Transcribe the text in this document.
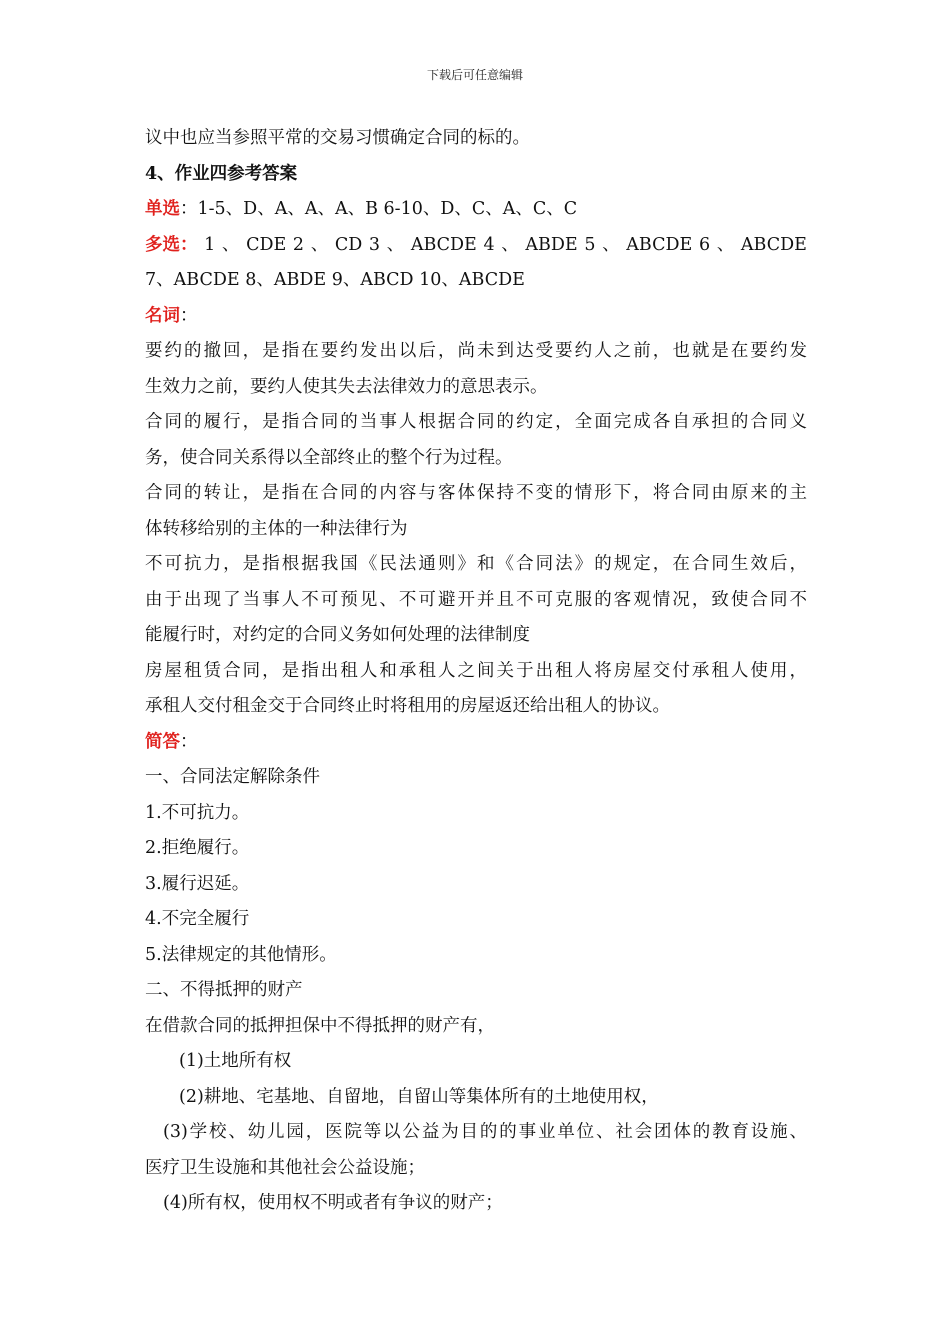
下载后可任意编辑

议中也应当参照平常的交易习惯确定合同的标的。

4、作业四参考答案

单选：1-5、D、A、A、A、B 6-10、D、C、A、C、C

多选： 1 、 CDE 2 、 CD 3 、 ABCDE 4 、 ABDE 5 、 ABCDE 6 、 ABCDE

7、ABCDE 8、ABDE 9、ABCD 10、ABCDE

名词：

要约的撤回，是指在要约发出以后，尚未到达受要约人之前，也就是在要约发

生效力之前，要约人使其失去法律效力的意思表示。

合同的履行，是指合同的当事人根据合同的约定，全面完成各自承担的合同义

务，使合同关系得以全部终止的整个行为过程。

合同的转让，是指在合同的内容与客体保持不变的情形下，将合同由原来的主

体转移给别的主体的一种法律行为

不可抗力，是指根据我国《民法通则》和《合同法》的规定，在合同生效后，

由于出现了当事人不可预见、不可避开并且不可克服的客观情况，致使合同不

能履行时，对约定的合同义务如何处理的法律制度

房屋租赁合同，是指出租人和承租人之间关于出租人将房屋交付承租人使用，

承租人交付租金交于合同终止时将租用的房屋返还给出租人的协议。

简答：

一、合同法定解除条件

1.不可抗力。

2.拒绝履行。

3.履行迟延。

4.不完全履行

5.法律规定的其他情形。

二、不得抵押的财产

在借款合同的抵押担保中不得抵押的财产有，

(1)土地所有权

(2)耕地、宅基地、自留地，自留山等集体所有的土地使用权，

(3)学校、幼儿园，医院等以公益为目的的事业单位、社会团体的教育设施、

医疗卫生设施和其他社会公益设施；

(4)所有权，使用权不明或者有争议的财产；
